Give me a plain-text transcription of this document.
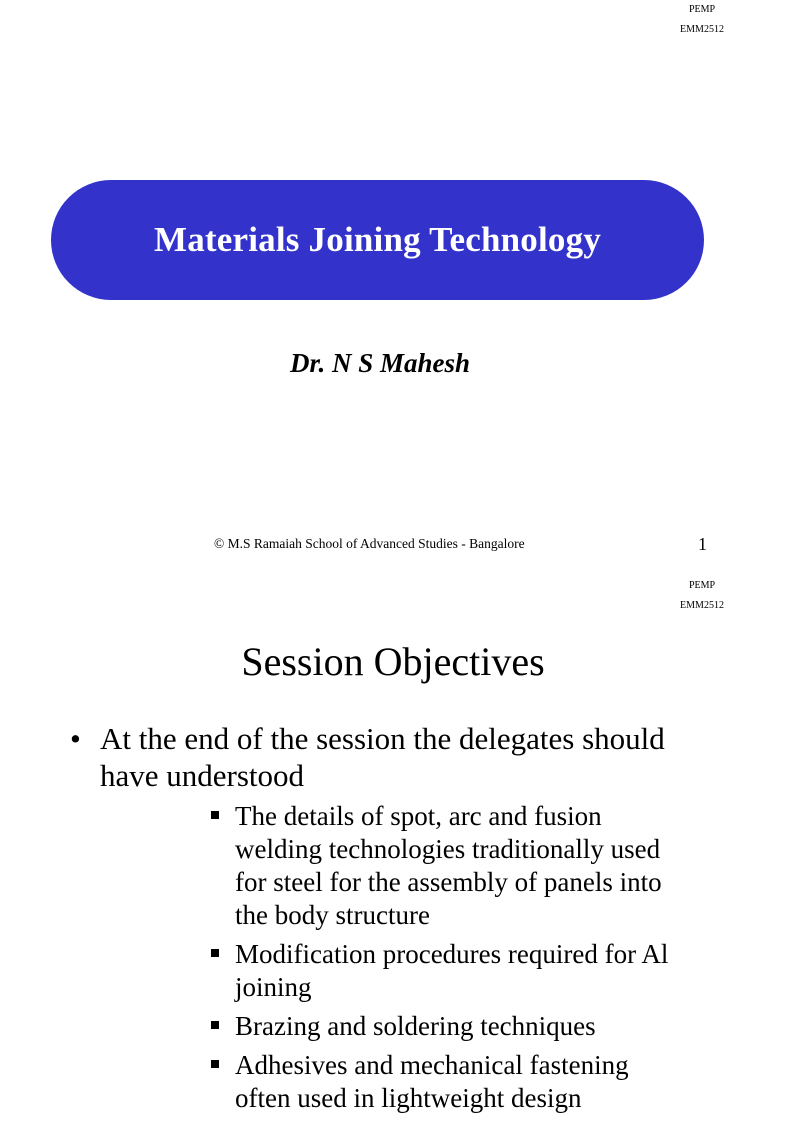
PEMP
EMM2512
Materials Joining Technology
Dr. N S Mahesh
© M.S Ramaiah School of Advanced Studies - Bangalore	1
PEMP
EMM2512
Session Objectives
• At the end of the session the delegates should have understood
The details of spot, arc and fusion welding technologies traditionally used for steel for the assembly of panels into the body structure
Modification procedures required for Al joining
Brazing and soldering techniques
Adhesives and mechanical fastening often used in lightweight design
